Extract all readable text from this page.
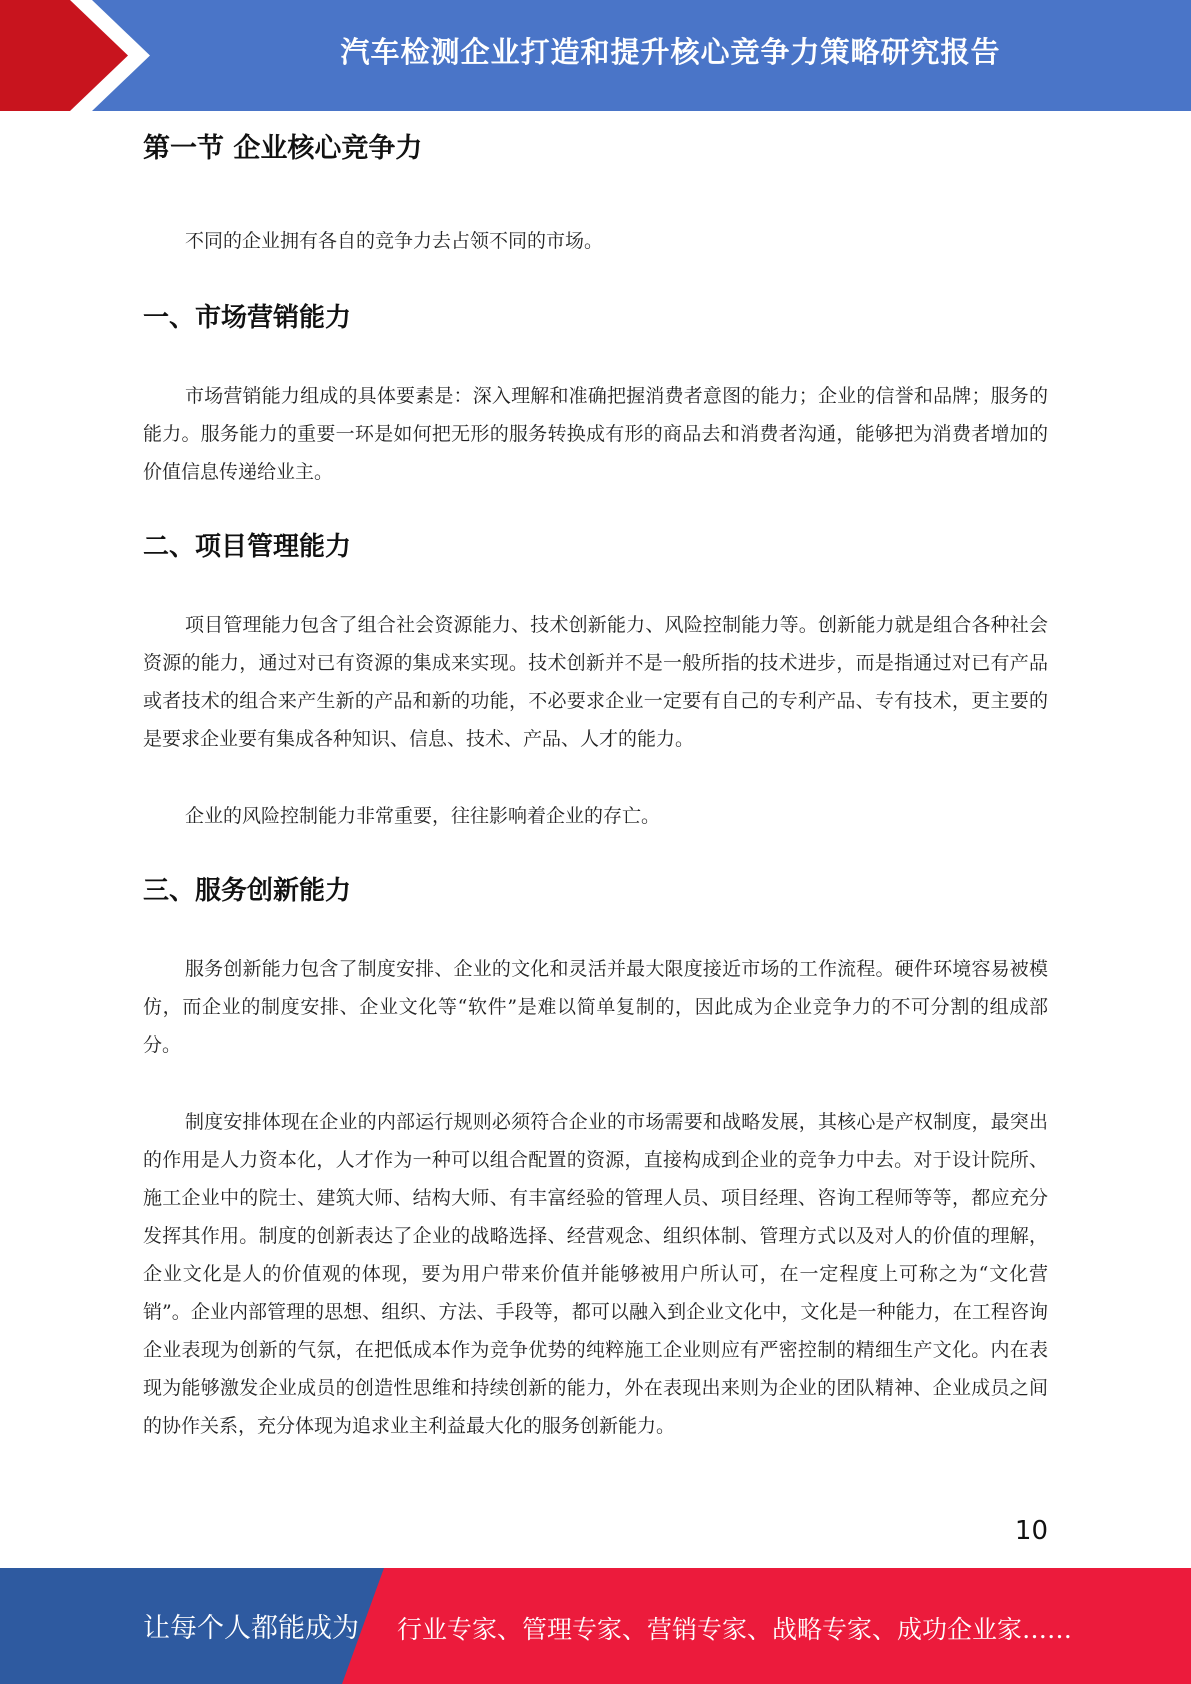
汽车检测企业打造和提升核心竞争力策略研究报告
第一节 企业核心竞争力

不同的企业拥有各自的竞争力去占领不同的市场。

一、市场营销能力

市场营销能力组成的具体要素是：深入理解和准确把握消费者意图的能力；企业的信誉和品牌；服务的能力。服务能力的重要一环是如何把无形的服务转换成有形的商品去和消费者沟通，能够把为消费者增加的价值信息传递给业主。

二、项目管理能力

项目管理能力包含了组合社会资源能力、技术创新能力、风险控制能力等。创新能力就是组合各种社会资源的能力，通过对已有资源的集成来实现。技术创新并不是一般所指的技术进步，而是指通过对已有产品或者技术的组合来产生新的产品和新的功能，不必要求企业一定要有自己的专利产品、专有技术，更主要的是要求企业要有集成各种知识、信息、技术、产品、人才的能力。

企业的风险控制能力非常重要，往往影响着企业的存亡。

三、服务创新能力

服务创新能力包含了制度安排、企业的文化和灵活并最大限度接近市场的工作流程。硬件环境容易被模仿，而企业的制度安排、企业文化等“软件”是难以简单复制的，因此成为企业竞争力的不可分割的组成部分。

制度安排体现在企业的内部运行规则必须符合企业的市场需要和战略发展，其核心是产权制度，最突出的作用是人力资本化，人才作为一种可以组合配置的资源，直接构成到企业的竞争力中去。对于设计院所、施工企业中的院士、建筑大师、结构大师、有丰富经验的管理人员、项目经理、咨询工程师等等，都应充分发挥其作用。制度的创新表达了企业的战略选择、经营观念、组织体制、管理方式以及对人的价值的理解，企业文化是人的价值观的体现，要为用户带来价值并能够被用户所认可，在一定程度上可称之为“文化营销”。企业内部管理的思想、组织、方法、手段等，都可以融入到企业文化中，文化是一种能力，在工程咨询企业表现为创新的气氛，在把低成本作为竞争优势的纯粹施工企业则应有严密控制的精细生产文化。内在表现为能够激发企业成员的创造性思维和持续创新的能力，外在表现出来则为企业的团队精神、企业成员之间的协作关系，充分体现为追求业主利益最大化的服务创新能力。

10
让每个人都能成为 行业专家、管理专家、营销专家、战略专家、成功企业家……
